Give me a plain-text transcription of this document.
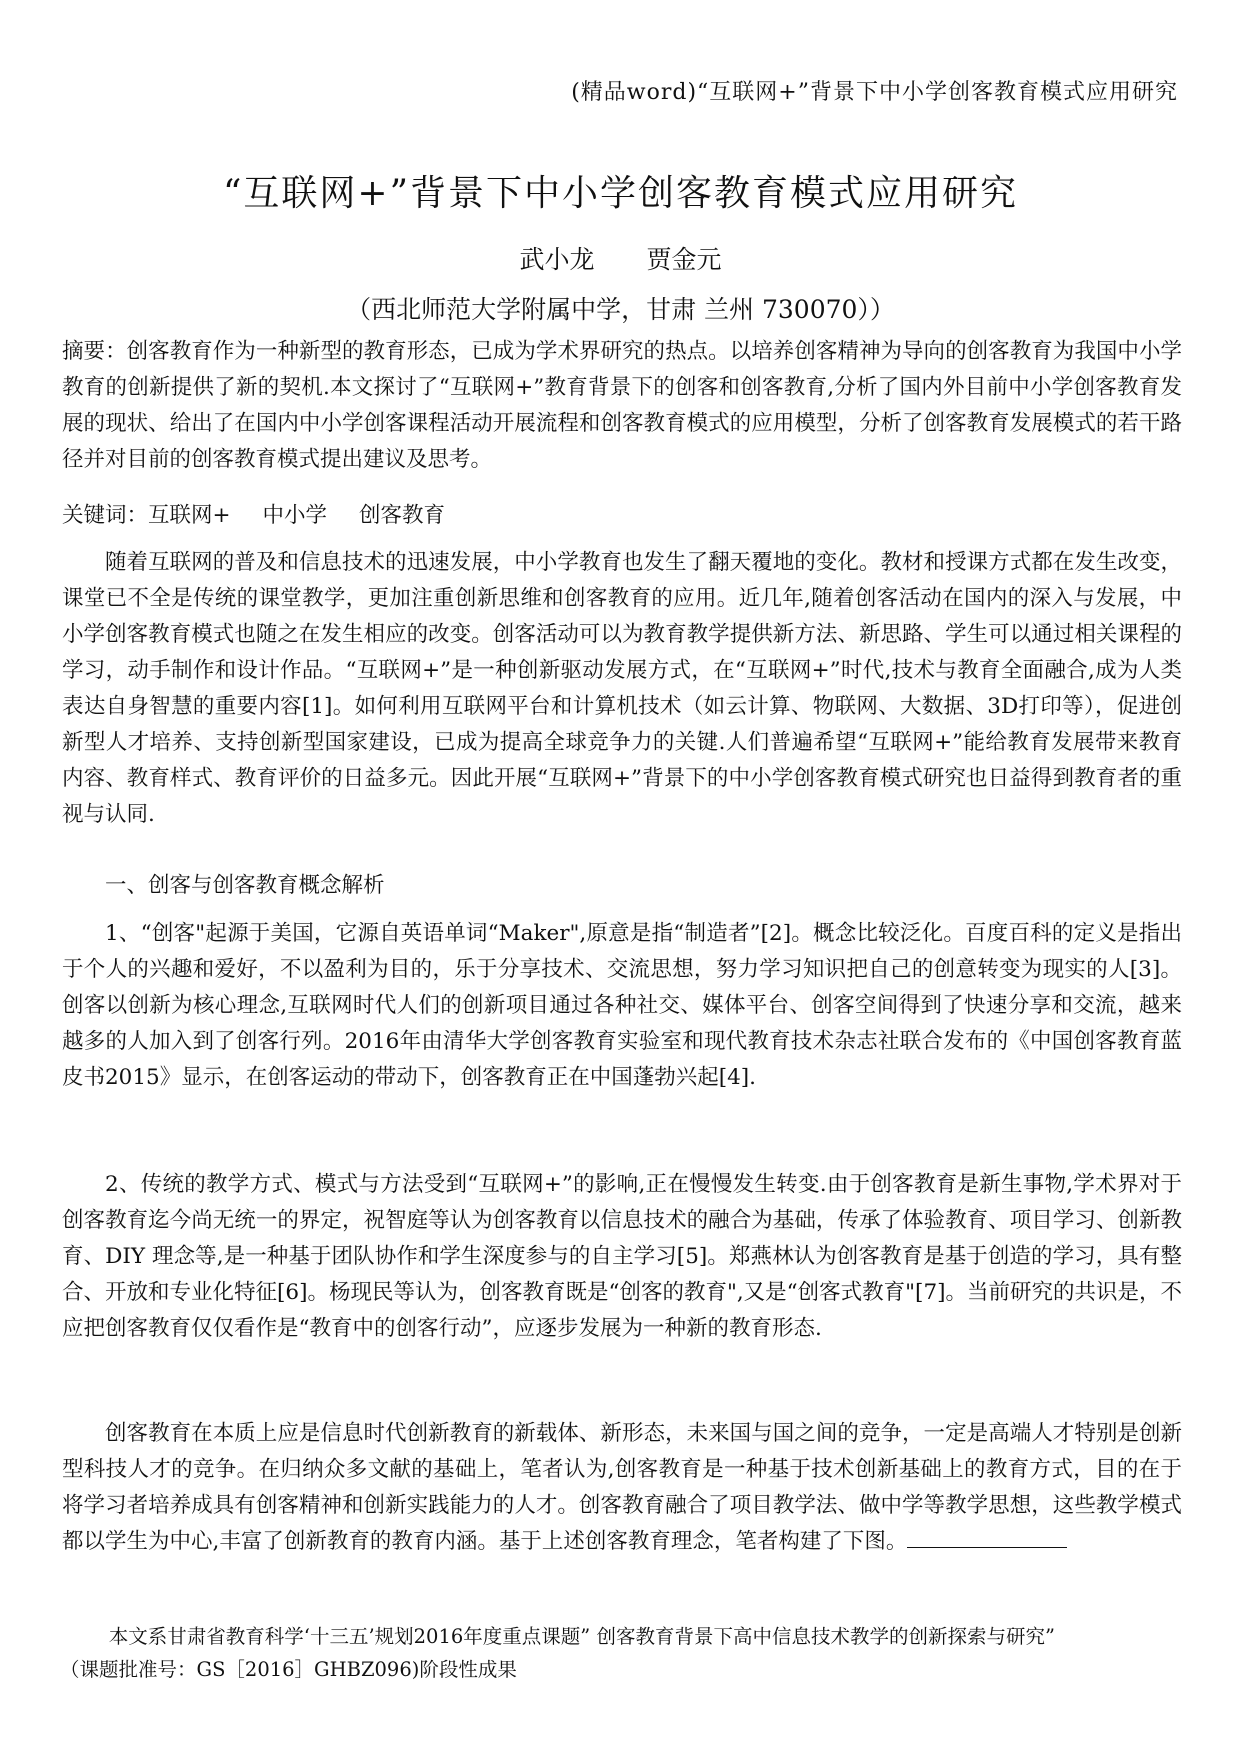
(精品word)“互联网+”背景下中小学创客教育模式应用研究
“互联网+”背景下中小学创客教育模式应用研究
武小龙 贾金元
（西北师范大学附属中学，甘肃 兰州 730070））
摘要：创客教育作为一种新型的教育形态，已成为学术界研究的热点。以培养创客精神为导向的创客教育为我国中小学教育的创新提供了新的契机.本文探讨了“互联网+”教育背景下的创客和创客教育,分析了国内外目前中小学创客教育发展的现状、给出了在国内中小学创客课程活动开展流程和创客教育模式的应用模型，分析了创客教育发展模式的若干路径并对目前的创客教育模式提出建议及思考。
关键词：互联网+ 中小学 创客教育
随着互联网的普及和信息技术的迅速发展，中小学教育也发生了翻天覆地的变化。教材和授课方式都在发生改变，课堂已不全是传统的课堂教学，更加注重创新思维和创客教育的应用。近几年,随着创客活动在国内的深入与发展，中小学创客教育模式也随之在发生相应的改变。创客活动可以为教育教学提供新方法、新思路、学生可以通过相关课程的学习，动手制作和设计作品。“互联网+”是一种创新驱动发展方式，在“互联网+”时代,技术与教育全面融合,成为人类表达自身智慧的重要内容[1]。如何利用互联网平台和计算机技术（如云计算、物联网、大数据、3D打印等），促进创新型人才培养、支持创新型国家建设，已成为提高全球竞争力的关键.人们普遍希望“互联网+”能给教育发展带来教育内容、教育样式、教育评价的日益多元。因此开展“互联网+”背景下的中小学创客教育模式研究也日益得到教育者的重视与认同.
一、创客与创客教育概念解析
1、“创客"起源于美国，它源自英语单词“Maker",原意是指“制造者”[2]。概念比较泛化。百度百科的定义是指出于个人的兴趣和爱好，不以盈利为目的，乐于分享技术、交流思想，努力学习知识把自己的创意转变为现实的人[3]。创客以创新为核心理念,互联网时代人们的创新项目通过各种社交、媒体平台、创客空间得到了快速分享和交流，越来越多的人加入到了创客行列。2016年由清华大学创客教育实验室和现代教育技术杂志社联合发布的《中国创客教育蓝皮书2015》显示，在创客运动的带动下，创客教育正在中国蓬勃兴起[4].
2、传统的教学方式、模式与方法受到“互联网+”的影响,正在慢慢发生转变.由于创客教育是新生事物,学术界对于创客教育迄今尚无统一的界定，祝智庭等认为创客教育以信息技术的融合为基础，传承了体验教育、项目学习、创新教育、DIY 理念等,是一种基于团队协作和学生深度参与的自主学习[5]。郑燕林认为创客教育是基于创造的学习，具有整合、开放和专业化特征[6]。杨现民等认为，创客教育既是“创客的教育",又是“创客式教育"[7]。当前研究的共识是，不应把创客教育仅仅看作是“教育中的创客行动”，应逐步发展为一种新的教育形态.
创客教育在本质上应是信息时代创新教育的新载体、新形态，未来国与国之间的竞争，一定是高端人才特别是创新型科技人才的竞争。在归纳众多文献的基础上，笔者认为,创客教育是一种基于技术创新基础上的教育方式，目的在于将学习者培养成具有创客精神和创新实践能力的人才。创客教育融合了项目教学法、做中学等教学思想，这些教学模式都以学生为中心,丰富了创新教育的教育内涵。基于上述创客教育理念，笔者构建了下图。
本文系甘肃省教育科学‘十三五’规划2016年度重点课题” 创客教育背景下高中信息技术教学的创新探索与研究”
（课题批准号：GS［2016］GHBZ096)阶段性成果
